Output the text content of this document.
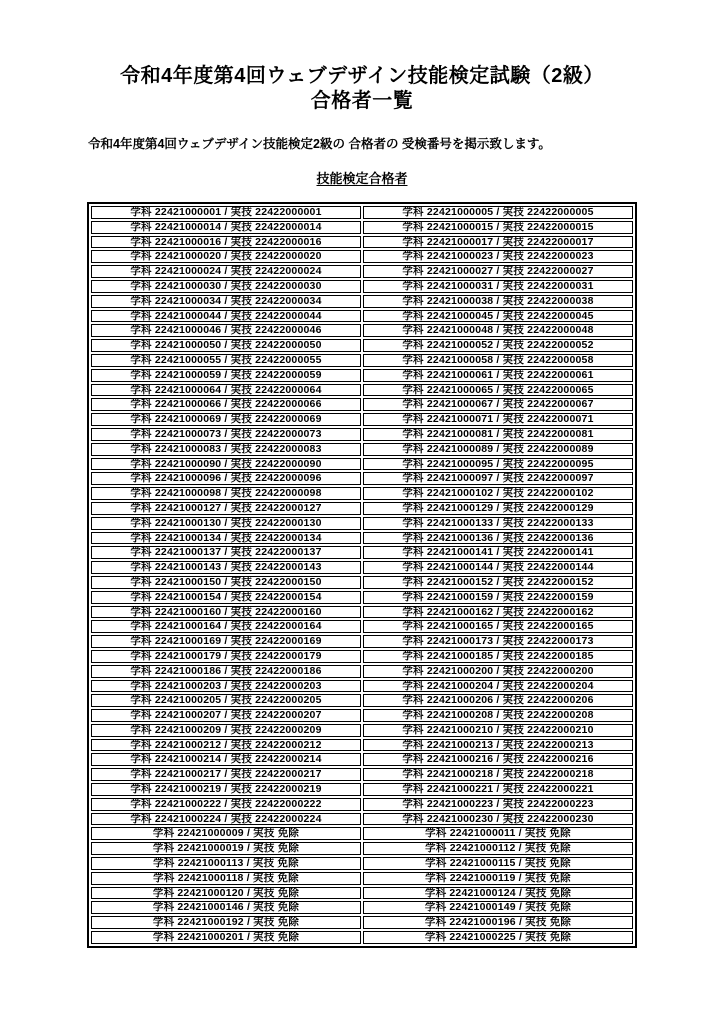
令和4年度第4回ウェブデザイン技能検定試験（2級）
合格者一覧

令和4年度第4回ウェブデザイン技能検定2級の 合格者の 受検番号を掲示致します。

技能検定合格者
学科 22421000001 / 実技 22422000001	学科 22421000005 / 実技 22422000005
学科 22421000014 / 実技 22422000014	学科 22421000015 / 実技 22422000015
学科 22421000016 / 実技 22422000016	学科 22421000017 / 実技 22422000017
学科 22421000020 / 実技 22422000020	学科 22421000023 / 実技 22422000023
学科 22421000024 / 実技 22422000024	学科 22421000027 / 実技 22422000027
学科 22421000030 / 実技 22422000030	学科 22421000031 / 実技 22422000031
学科 22421000034 / 実技 22422000034	学科 22421000038 / 実技 22422000038
学科 22421000044 / 実技 22422000044	学科 22421000045 / 実技 22422000045
学科 22421000046 / 実技 22422000046	学科 22421000048 / 実技 22422000048
学科 22421000050 / 実技 22422000050	学科 22421000052 / 実技 22422000052
学科 22421000055 / 実技 22422000055	学科 22421000058 / 実技 22422000058
学科 22421000059 / 実技 22422000059	学科 22421000061 / 実技 22422000061
学科 22421000064 / 実技 22422000064	学科 22421000065 / 実技 22422000065
学科 22421000066 / 実技 22422000066	学科 22421000067 / 実技 22422000067
学科 22421000069 / 実技 22422000069	学科 22421000071 / 実技 22422000071
学科 22421000073 / 実技 22422000073	学科 22421000081 / 実技 22422000081
学科 22421000083 / 実技 22422000083	学科 22421000089 / 実技 22422000089
学科 22421000090 / 実技 22422000090	学科 22421000095 / 実技 22422000095
学科 22421000096 / 実技 22422000096	学科 22421000097 / 実技 22422000097
学科 22421000098 / 実技 22422000098	学科 22421000102 / 実技 22422000102
学科 22421000127 / 実技 22422000127	学科 22421000129 / 実技 22422000129
学科 22421000130 / 実技 22422000130	学科 22421000133 / 実技 22422000133
学科 22421000134 / 実技 22422000134	学科 22421000136 / 実技 22422000136
学科 22421000137 / 実技 22422000137	学科 22421000141 / 実技 22422000141
学科 22421000143 / 実技 22422000143	学科 22421000144 / 実技 22422000144
学科 22421000150 / 実技 22422000150	学科 22421000152 / 実技 22422000152
学科 22421000154 / 実技 22422000154	学科 22421000159 / 実技 22422000159
学科 22421000160 / 実技 22422000160	学科 22421000162 / 実技 22422000162
学科 22421000164 / 実技 22422000164	学科 22421000165 / 実技 22422000165
学科 22421000169 / 実技 22422000169	学科 22421000173 / 実技 22422000173
学科 22421000179 / 実技 22422000179	学科 22421000185 / 実技 22422000185
学科 22421000186 / 実技 22422000186	学科 22421000200 / 実技 22422000200
学科 22421000203 / 実技 22422000203	学科 22421000204 / 実技 22422000204
学科 22421000205 / 実技 22422000205	学科 22421000206 / 実技 22422000206
学科 22421000207 / 実技 22422000207	学科 22421000208 / 実技 22422000208
学科 22421000209 / 実技 22422000209	学科 22421000210 / 実技 22422000210
学科 22421000212 / 実技 22422000212	学科 22421000213 / 実技 22422000213
学科 22421000214 / 実技 22422000214	学科 22421000216 / 実技 22422000216
学科 22421000217 / 実技 22422000217	学科 22421000218 / 実技 22422000218
学科 22421000219 / 実技 22422000219	学科 22421000221 / 実技 22422000221
学科 22421000222 / 実技 22422000222	学科 22421000223 / 実技 22422000223
学科 22421000224 / 実技 22422000224	学科 22421000230 / 実技 22422000230
学科 22421000009 / 実技 免除	学科 22421000011 / 実技 免除
学科 22421000019 / 実技 免除	学科 22421000112 / 実技 免除
学科 22421000113 / 実技 免除	学科 22421000115 / 実技 免除
学科 22421000118 / 実技 免除	学科 22421000119 / 実技 免除
学科 22421000120 / 実技 免除	学科 22421000124 / 実技 免除
学科 22421000146 / 実技 免除	学科 22421000149 / 実技 免除
学科 22421000192 / 実技 免除	学科 22421000196 / 実技 免除
学科 22421000201 / 実技 免除	学科 22421000225 / 実技 免除
